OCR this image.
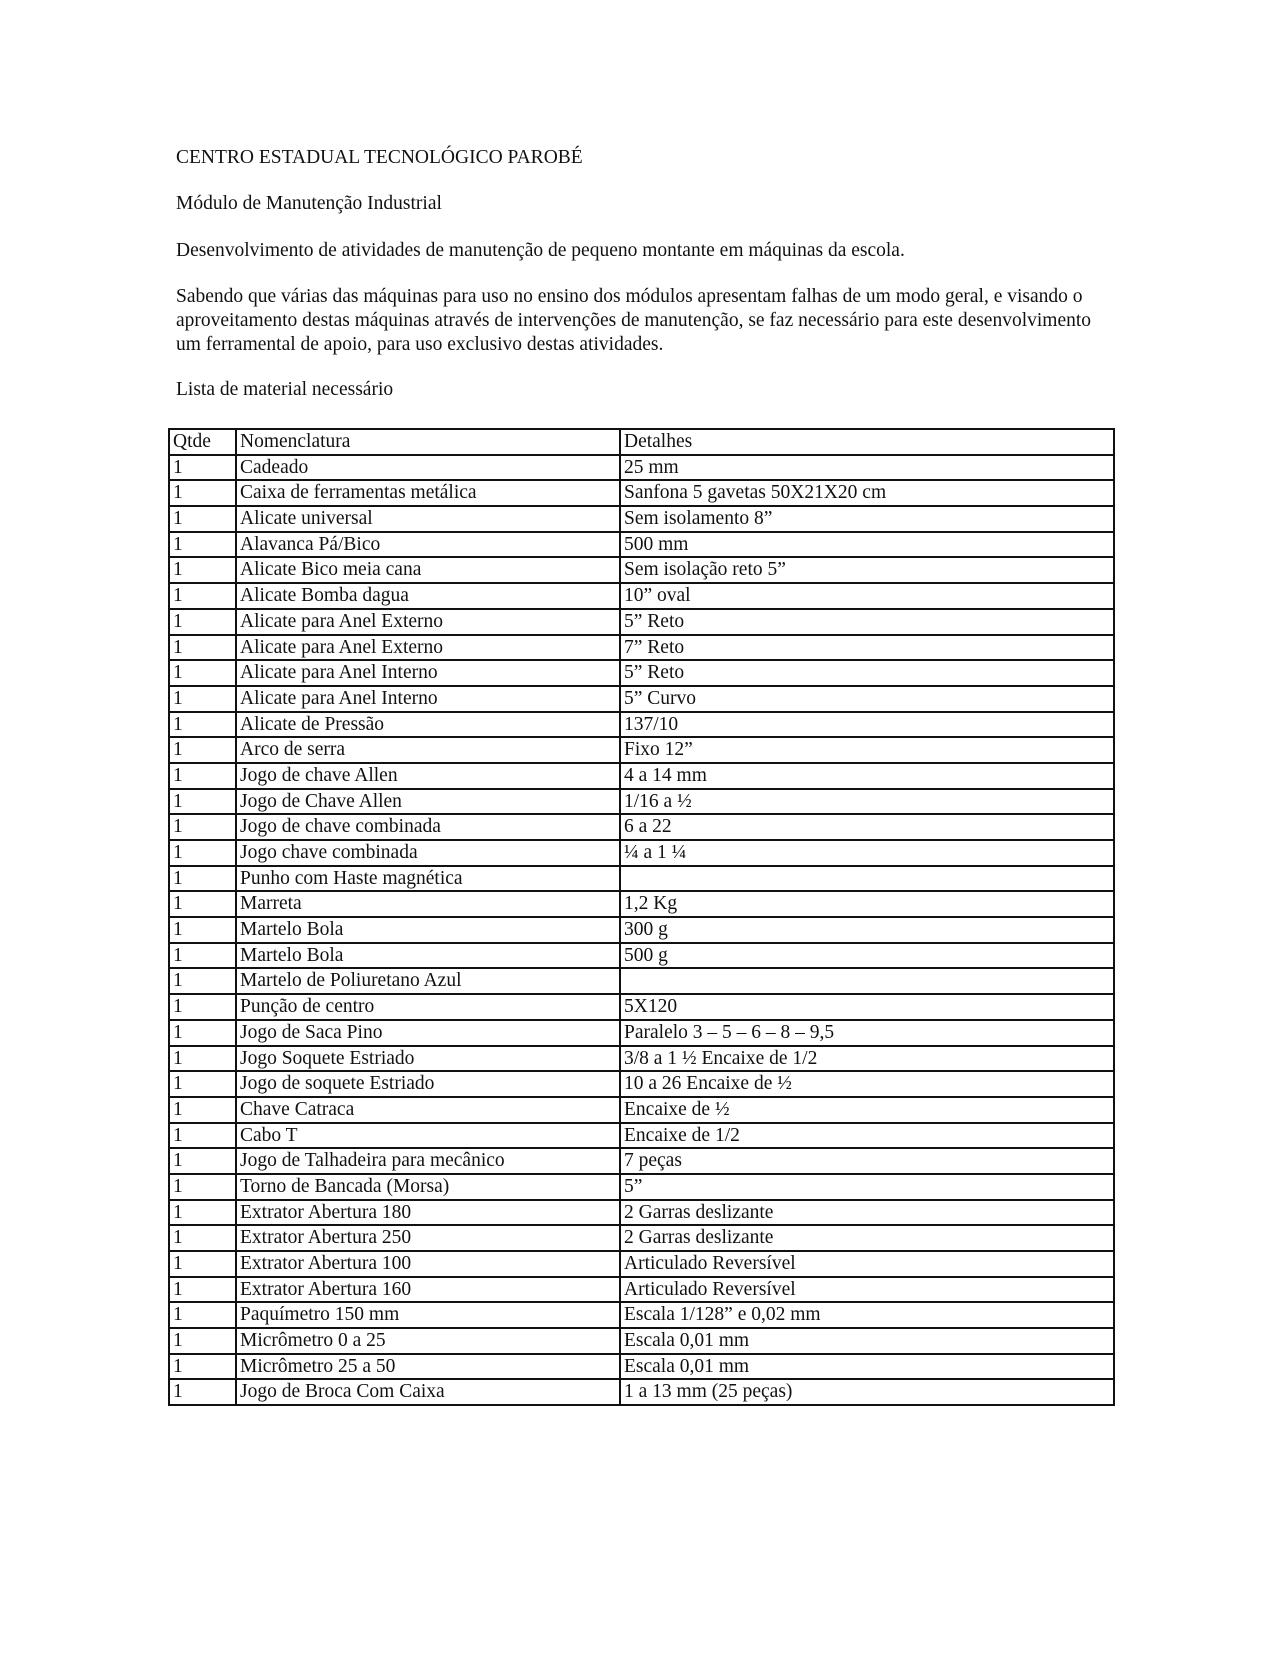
CENTRO ESTADUAL TECNOLÓGICO PAROBÉ

Módulo de Manutenção Industrial

Desenvolvimento de atividades de manutenção de pequeno montante em máquinas da escola.

Sabendo que várias das máquinas para uso no ensino dos módulos apresentam falhas de um modo geral, e visando o aproveitamento destas máquinas através de intervenções de manutenção, se faz necessário para este desenvolvimento um ferramental de apoio, para uso exclusivo destas atividades.

Lista de material necessário

Qtde	Nomenclatura	Detalhes
1	Cadeado	25 mm
1	Caixa de ferramentas metálica	Sanfona 5 gavetas 50X21X20 cm
1	Alicate universal	Sem isolamento 8”
1	Alavanca Pá/Bico	500 mm
1	Alicate Bico meia cana	Sem isolação reto 5”
1	Alicate Bomba dagua	10” oval
1	Alicate para Anel Externo	5” Reto
1	Alicate para Anel Externo	7” Reto
1	Alicate para Anel Interno	5” Reto
1	Alicate para Anel Interno	5” Curvo
1	Alicate de Pressão	137/10
1	Arco de serra	Fixo 12”
1	Jogo de chave Allen	4 a 14 mm
1	Jogo de Chave Allen	1/16 a ½
1	Jogo de chave combinada	6 a 22
1	Jogo chave combinada	¼ a 1 ¼
1	Punho com Haste magnética	
1	Marreta	1,2 Kg
1	Martelo Bola	300 g
1	Martelo Bola	500 g
1	Martelo de Poliuretano Azul	
1	Punção de centro	5X120
1	Jogo de Saca Pino	Paralelo 3 – 5 – 6 – 8 – 9,5
1	Jogo Soquete Estriado	3/8 a 1 ½ Encaixe de 1/2
1	Jogo de soquete Estriado	10 a 26 Encaixe de ½
1	Chave Catraca	Encaixe de ½
1	Cabo T	Encaixe de 1/2
1	Jogo de Talhadeira para mecânico	7 peças
1	Torno de Bancada (Morsa)	5”
1	Extrator Abertura 180	2 Garras deslizante
1	Extrator Abertura 250	2 Garras deslizante
1	Extrator Abertura 100	Articulado Reversível
1	Extrator Abertura 160	Articulado Reversível
1	Paquímetro 150 mm	Escala 1/128” e 0,02 mm
1	Micrômetro 0 a 25	Escala 0,01 mm
1	Micrômetro 25 a 50	Escala 0,01 mm
1	Jogo de Broca Com Caixa	1 a 13 mm (25 peças)
